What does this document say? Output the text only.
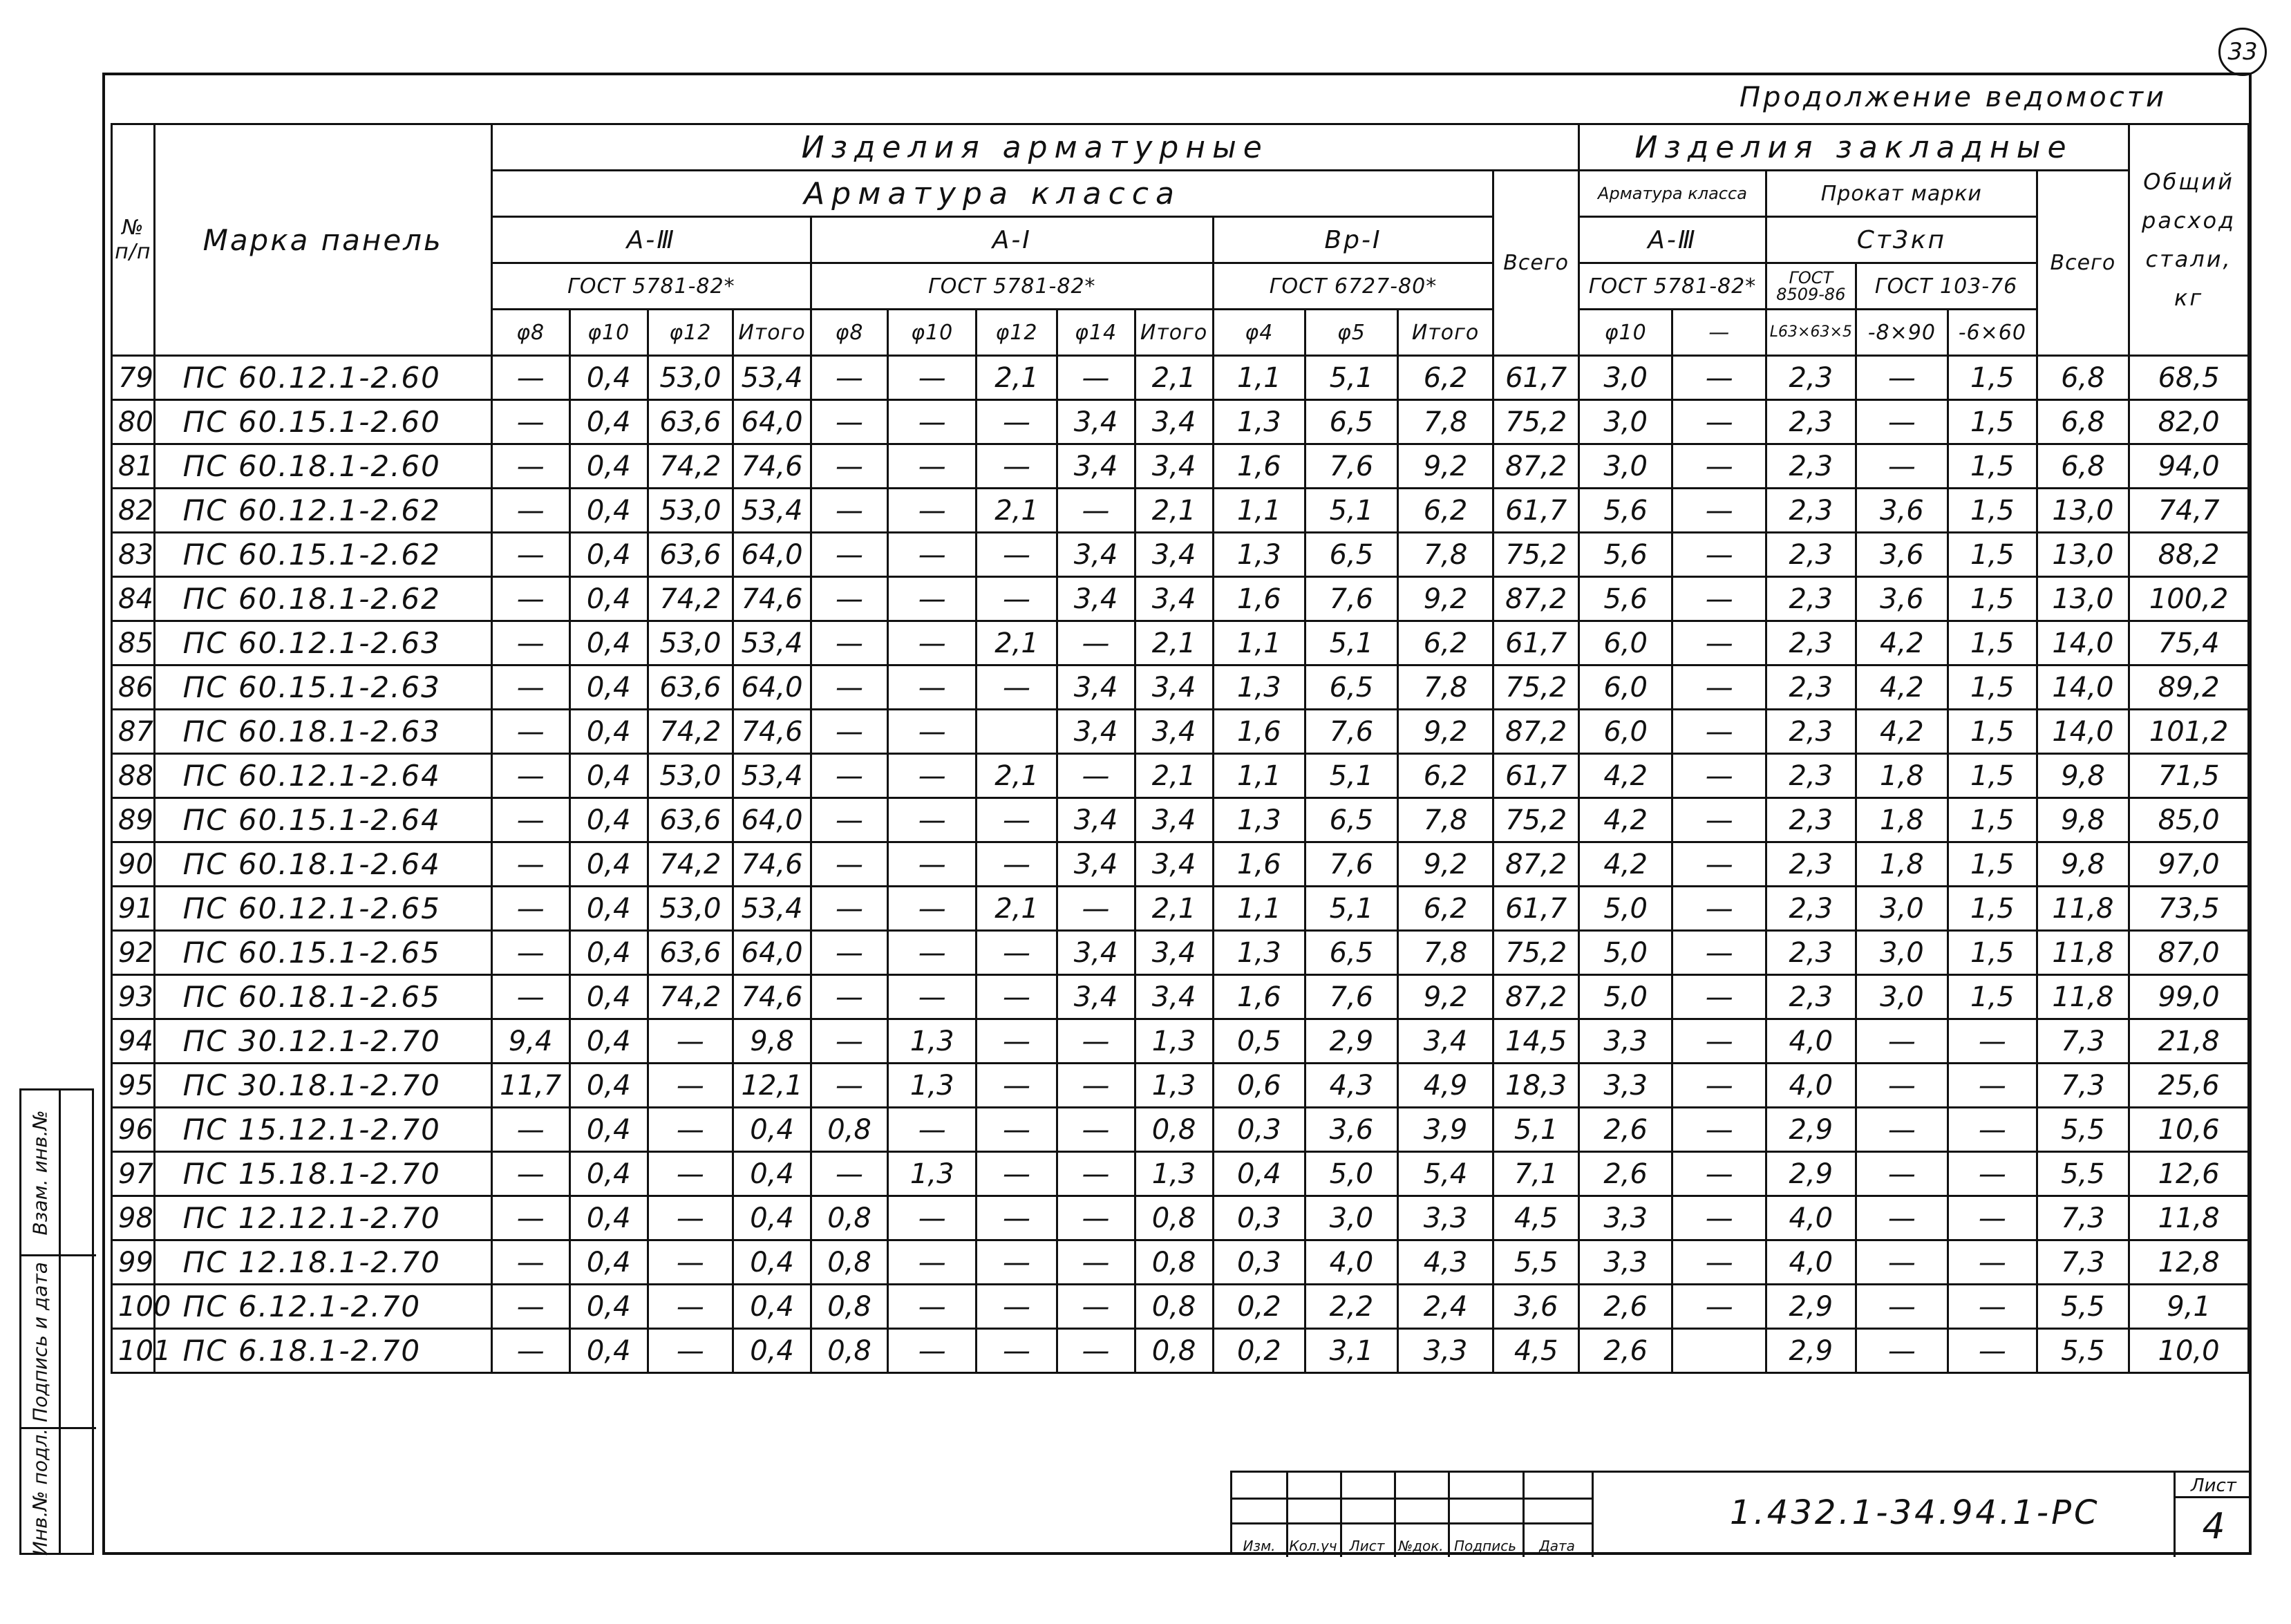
33
Продолжение ведомости
№ п/п	Марка панель	Изделия арматурные													Изделия закладные						Общий расход стали, кг
		Арматура класса												Всего	Арматура класса		Прокат марки			Всего	
		А-Ⅲ				А-Ⅰ					Вр-Ⅰ				А-Ⅲ		Ст3кп				
		ГОСТ 5781-82*				ГОСТ 5781-82*					ГОСТ 6727-80*				ГОСТ 5781-82*		ГОСТ 8509-86	ГОСТ 103-76			
		φ8	φ10	φ12	Итого	φ8	φ10	φ12	φ14	Итого	φ4	φ5	Итого		φ10	—	L63×63×5	-8×90	-6×60		
79	ПС 60.12.1-2.60	—	0,4	53,0	53,4	—	—	2,1	—	2,1	1,1	5,1	6,2	61,7	3,0	—	2,3	—	1,5	6,8	68,5
80	ПС 60.15.1-2.60	—	0,4	63,6	64,0	—	—	—	3,4	3,4	1,3	6,5	7,8	75,2	3,0	—	2,3	—	1,5	6,8	82,0
81	ПС 60.18.1-2.60	—	0,4	74,2	74,6	—	—	—	3,4	3,4	1,6	7,6	9,2	87,2	3,0	—	2,3	—	1,5	6,8	94,0
82	ПС 60.12.1-2.62	—	0,4	53,0	53,4	—	—	2,1	—	2,1	1,1	5,1	6,2	61,7	5,6	—	2,3	3,6	1,5	13,0	74,7
83	ПС 60.15.1-2.62	—	0,4	63,6	64,0	—	—	—	3,4	3,4	1,3	6,5	7,8	75,2	5,6	—	2,3	3,6	1,5	13,0	88,2
84	ПС 60.18.1-2.62	—	0,4	74,2	74,6	—	—	—	3,4	3,4	1,6	7,6	9,2	87,2	5,6	—	2,3	3,6	1,5	13,0	100,2
85	ПС 60.12.1-2.63	—	0,4	53,0	53,4	—	—	2,1	—	2,1	1,1	5,1	6,2	61,7	6,0	—	2,3	4,2	1,5	14,0	75,4
86	ПС 60.15.1-2.63	—	0,4	63,6	64,0	—	—	—	3,4	3,4	1,3	6,5	7,8	75,2	6,0	—	2,3	4,2	1,5	14,0	89,2
87	ПС 60.18.1-2.63	—	0,4	74,2	74,6	—	—		3,4	3,4	1,6	7,6	9,2	87,2	6,0	—	2,3	4,2	1,5	14,0	101,2
88	ПС 60.12.1-2.64	—	0,4	53,0	53,4	—	—	2,1	—	2,1	1,1	5,1	6,2	61,7	4,2	—	2,3	1,8	1,5	9,8	71,5
89	ПС 60.15.1-2.64	—	0,4	63,6	64,0	—	—	—	3,4	3,4	1,3	6,5	7,8	75,2	4,2	—	2,3	1,8	1,5	9,8	85,0
90	ПС 60.18.1-2.64	—	0,4	74,2	74,6	—	—	—	3,4	3,4	1,6	7,6	9,2	87,2	4,2	—	2,3	1,8	1,5	9,8	97,0
91	ПС 60.12.1-2.65	—	0,4	53,0	53,4	—	—	2,1	—	2,1	1,1	5,1	6,2	61,7	5,0	—	2,3	3,0	1,5	11,8	73,5
92	ПС 60.15.1-2.65	—	0,4	63,6	64,0	—	—	—	3,4	3,4	1,3	6,5	7,8	75,2	5,0	—	2,3	3,0	1,5	11,8	87,0
93	ПС 60.18.1-2.65	—	0,4	74,2	74,6	—	—	—	3,4	3,4	1,6	7,6	9,2	87,2	5,0	—	2,3	3,0	1,5	11,8	99,0
94	ПС 30.12.1-2.70	9,4	0,4	—	9,8	—	1,3	—	—	1,3	0,5	2,9	3,4	14,5	3,3	—	4,0	—	—	7,3	21,8
95	ПС 30.18.1-2.70	11,7	0,4	—	12,1	—	1,3	—	—	1,3	0,6	4,3	4,9	18,3	3,3	—	4,0	—	—	7,3	25,6
96	ПС 15.12.1-2.70	—	0,4	—	0,4	0,8	—	—	—	0,8	0,3	3,6	3,9	5,1	2,6	—	2,9	—	—	5,5	10,6
97	ПС 15.18.1-2.70	—	0,4	—	0,4	—	1,3	—	—	1,3	0,4	5,0	5,4	7,1	2,6	—	2,9	—	—	5,5	12,6
98	ПС 12.12.1-2.70	—	0,4	—	0,4	0,8	—	—	—	0,8	0,3	3,0	3,3	4,5	3,3	—	4,0	—	—	7,3	11,8
99	ПС 12.18.1-2.70	—	0,4	—	0,4	0,8	—	—	—	0,8	0,3	4,0	4,3	5,5	3,3	—	4,0	—	—	7,3	12,8
100	ПС 6.12.1-2.70	—	0,4	—	0,4	0,8	—	—	—	0,8	0,2	2,2	2,4	3,6	2,6	—	2,9	—	—	5,5	9,1
101	ПС 6.18.1-2.70	—	0,4	—	0,4	0,8	—	—	—	0,8	0,2	3,1	3,3	4,5	2,6		2,9	—	—	5,5	10,0
Взам. инв.№
Подпись и дата
Инв.№ подл.	Изм. Кол.уч Лист	№док. Подпись	Дата
1.432.1-34.94.1-РС
Лист
4
